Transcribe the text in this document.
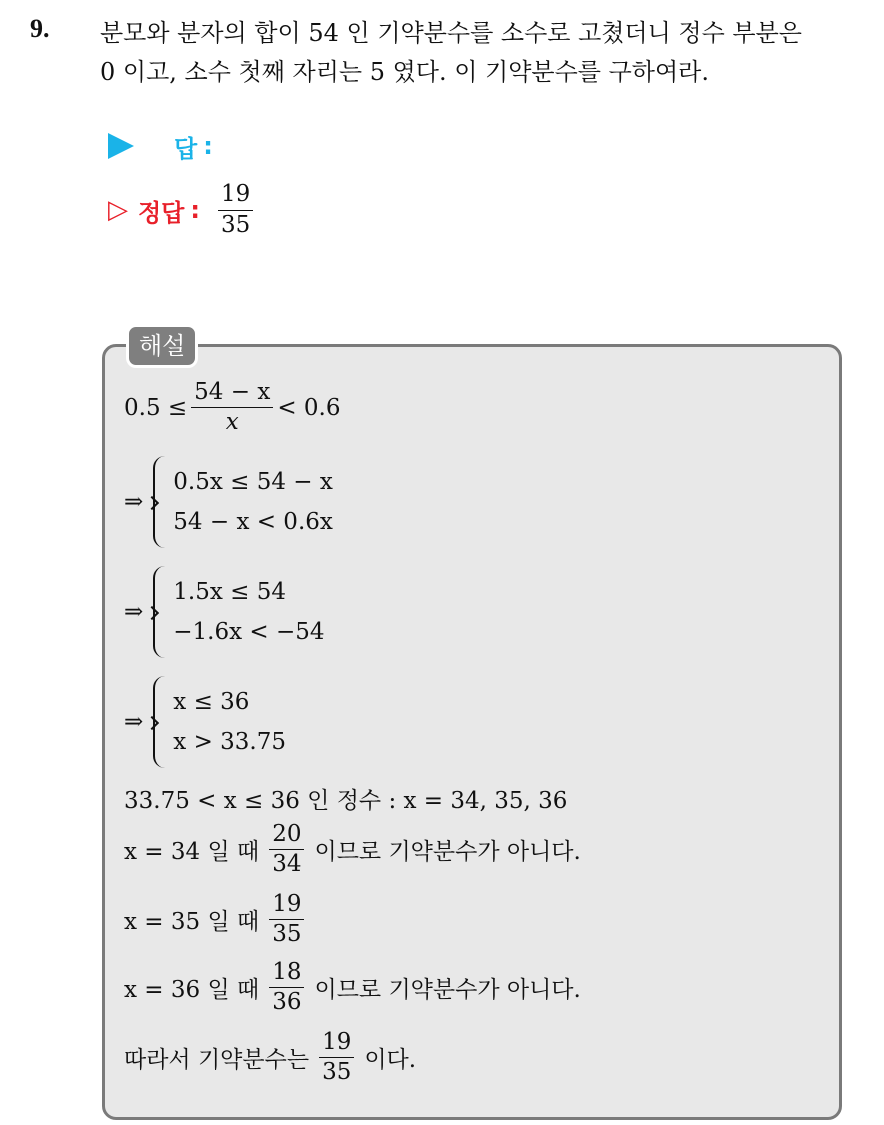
9. 분모와 분자의 합이 54 인 기약분수를 소수로 고쳤더니 정수 부분은
0 이고, 소수 첫째 자리는 5 였다. 이 기약분수를 구하여라.
답 :
▷ 정답 : $\frac{19}{35}$
해설
$0.5 \le \frac{54 - x}{x} < 0.6$
⇒
0.5x ≤ 54 − x
54 − x < 0.6x
⇒
1.5x ≤ 54
−1.6x < −54
⇒
x ≤ 36
x > 33.75
33.75 < x ≤ 36 인 정수 : x = 34, 35, 36
x = 34 일 때 $\frac{20}{34}$ 이므로 기약분수가 아니다.
x = 35 일 때 $\frac{19}{35}$
x = 36 일 때 $\frac{18}{36}$ 이므로 기약분수가 아니다.
따라서 기약분수는 $\frac{19}{35}$ 이다.
